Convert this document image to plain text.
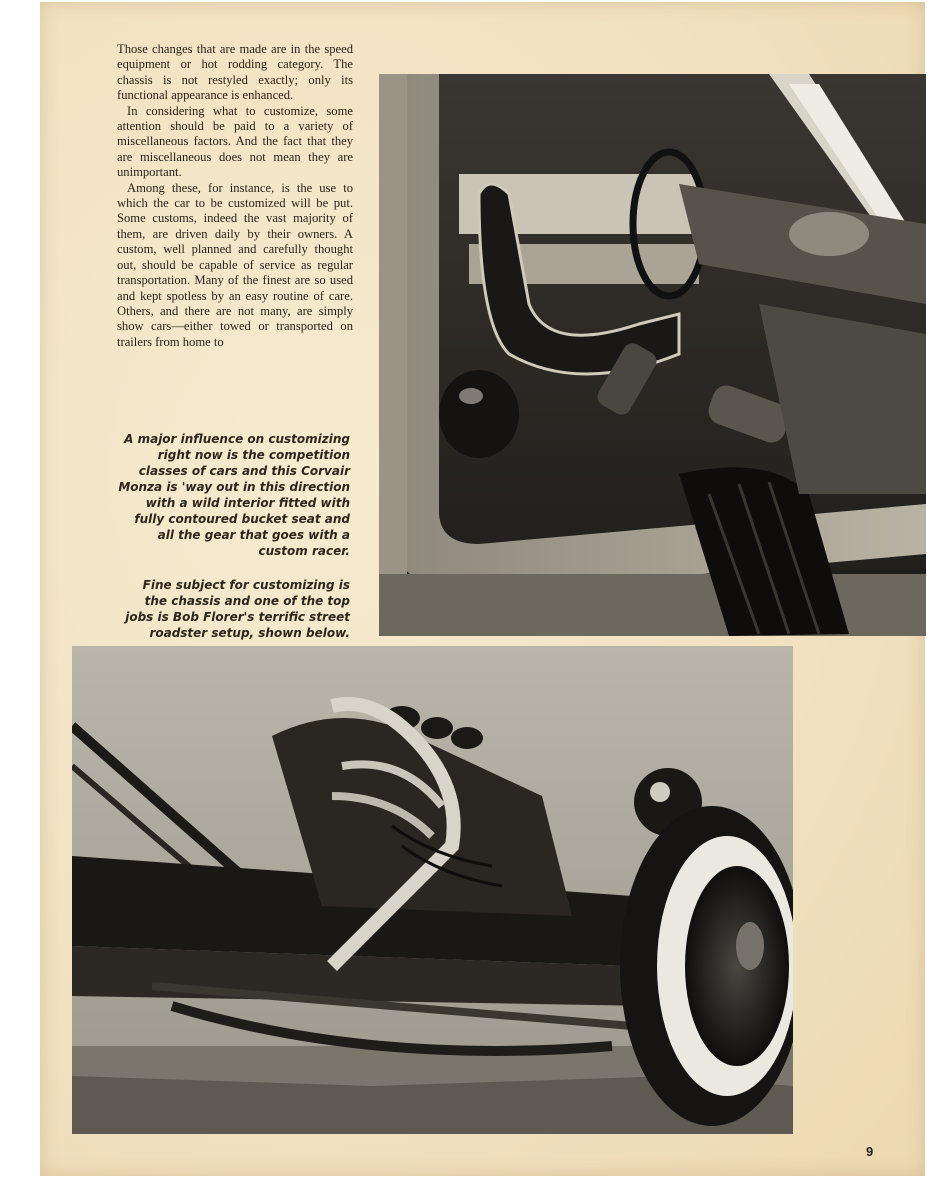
Those changes that are made are in the speed equipment or hot rodding category. The chassis is not restyled exactly; only its functional appearance is enhanced.

In considering what to customize, some attention should be paid to a variety of miscellaneous factors. And the fact that they are miscellaneous does not mean they are unimportant.

Among these, for instance, is the use to which the car to be customized will be put. Some customs, indeed the vast majority of them, are driven daily by their owners. A custom, well planned and carefully thought out, should be capable of service as regular transportation. Many of the finest are so used and kept spotless by an easy routine of care. Others, and there are not many, are simply show cars—either towed or transported on trailers from home to

A major influence on customizing right now is the competition classes of cars and this Corvair Monza is 'way out in this direction with a wild interior fitted with fully contoured bucket seat and all the gear that goes with a custom racer.
Fine subject for customizing is the chassis and one of the top jobs is Bob Florer's terrific street roadster setup, shown below.
9
